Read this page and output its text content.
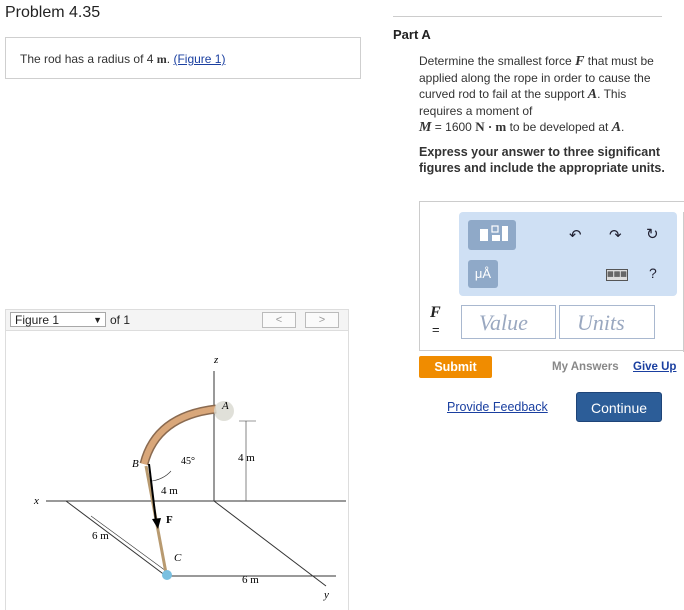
Problem 4.35
The rod has a radius of 4 m. (Figure 1)
Figure 1	▼ of 1	<	>
z
x
y
A
B
C
F
45°	4 m
4 m
6 m
6 m
Part A
Determine the smallest force F that must be applied along the rope in order to cause the curved rod to fail at the support A. This requires a moment of
M = 1600 N · m to be developed at A.
Express your answer to three significant figures and include the appropriate units.
μÅ
↶ ↷ ↻
▦▦▦ ?
F
=	Value	Units
Submit	My Answers Give Up
Provide Feedback	Continue
